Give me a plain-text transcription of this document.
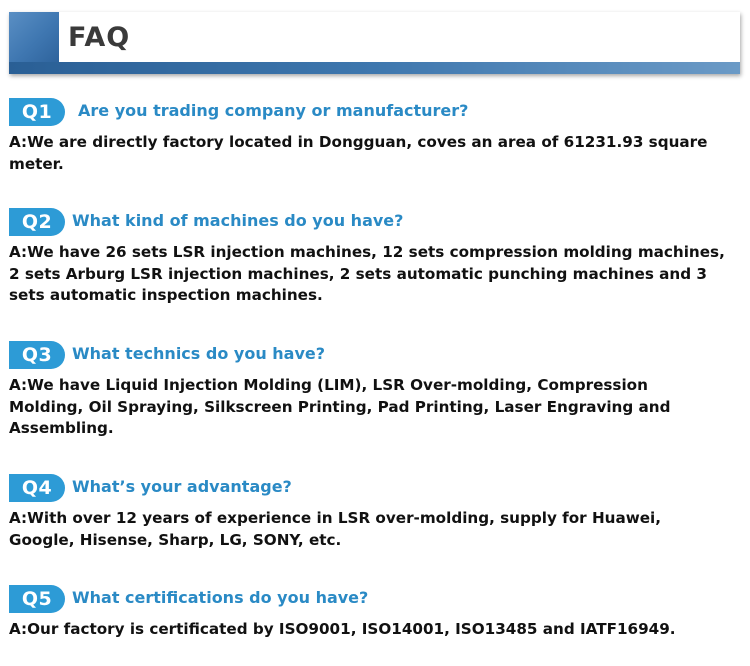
FAQ
Q1	Are you trading company or manufacturer?
A:We are directly factory located in Dongguan, coves an area of 61231.93 square meter.
Q2	What kind of machines do you have?
A:We have 26 sets LSR injection machines, 12 sets compression molding machines, 2 sets Arburg LSR injection machines, 2 sets automatic punching machines and 3 sets automatic inspection machines.
Q3	What technics do you have?
A:We have Liquid Injection Molding (LIM), LSR Over-molding, Compression Molding, Oil Spraying, Silkscreen Printing, Pad Printing, Laser Engraving and Assembling.
Q4	What’s your advantage?
A:With over 12 years of experience in LSR over-molding, supply for Huawei, Google, Hisense, Sharp, LG, SONY, etc.
Q5	What certifications do you have?
A:Our factory is certificated by ISO9001, ISO14001, ISO13485 and IATF16949.
